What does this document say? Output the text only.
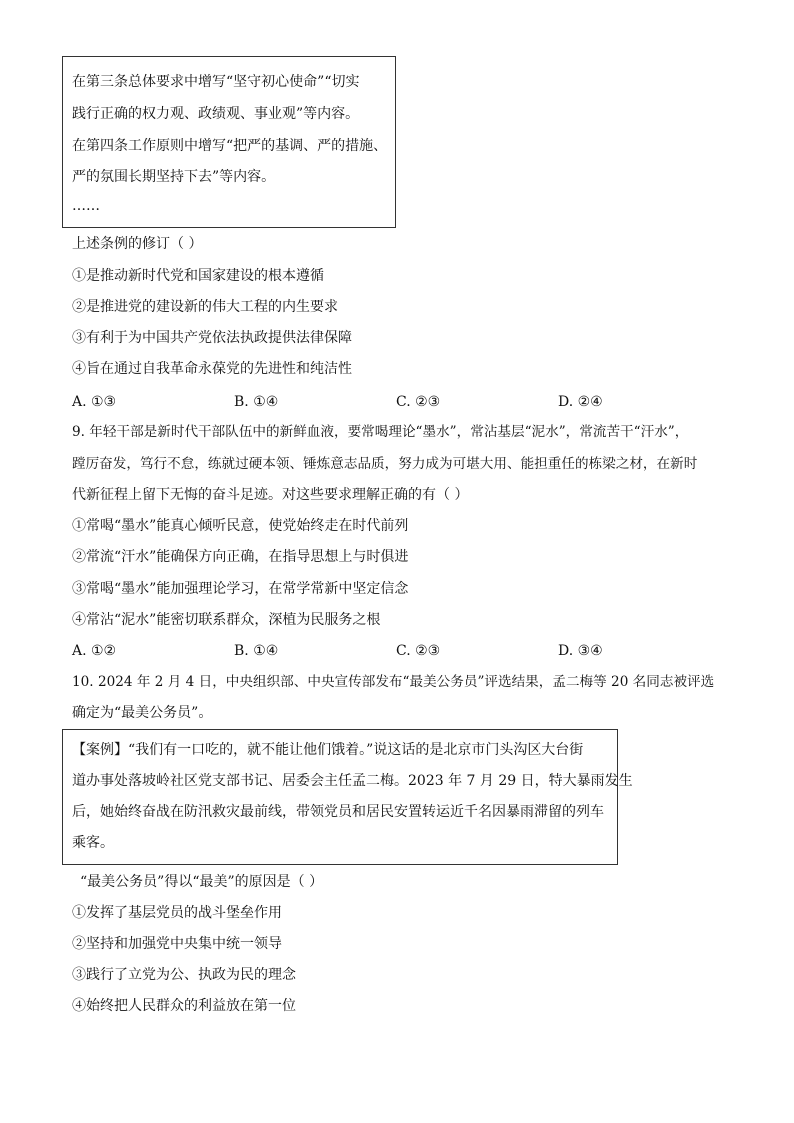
在第三条总体要求中增写“坚守初心使命”“切实
践行正确的权力观、政绩观、事业观”等内容。
在第四条工作原则中增写“把严的基调、严的措施、
严的氛围长期坚持下去”等内容。
……
上述条例的修订（ ）
①是推动新时代党和国家建设的根本遵循
②是推进党的建设新的伟大工程的内生要求
③有利于为中国共产党依法执政提供法律保障
④旨在通过自我革命永葆党的先进性和纯洁性
A. ①③	B. ①④	C. ②③	D. ②④
9. 年轻干部是新时代干部队伍中的新鲜血液，要常喝理论“墨水”，常沾基层“泥水”，常流苦干“汗水”，
蹚厉奋发，笃行不怠，练就过硬本领、锤炼意志品质，努力成为可堪大用、能担重任的栋梁之材，在新时
代新征程上留下无悔的奋斗足迹。对这些要求理解正确的有（ ）
①常喝“墨水”能真心倾听民意，使党始终走在时代前列
②常流“汗水”能确保方向正确，在指导思想上与时俱进
③常喝“墨水”能加强理论学习，在常学常新中坚定信念
④常沾“泥水”能密切联系群众，深植为民服务之根
A. ①②	B. ①④	C. ②③	D. ③④
10. 2024 年 2 月 4 日，中央组织部、中央宣传部发布“最美公务员”评选结果，孟二梅等 20 名同志被评选
确定为“最美公务员”。
【案例】“我们有一口吃的，就不能让他们饿着。”说这话的是北京市门头沟区大台街
道办事处落坡岭社区党支部书记、居委会主任孟二梅。2023 年 7 月 29 日，特大暴雨发生
后，她始终奋战在防汛救灾最前线，带领党员和居民安置转运近千名因暴雨滞留的列车
乘客。
“最美公务员”得以“最美”的原因是（ ）
①发挥了基层党员的战斗堡垒作用
②坚持和加强党中央集中统一领导
③践行了立党为公、执政为民的理念
④始终把人民群众的利益放在第一位
